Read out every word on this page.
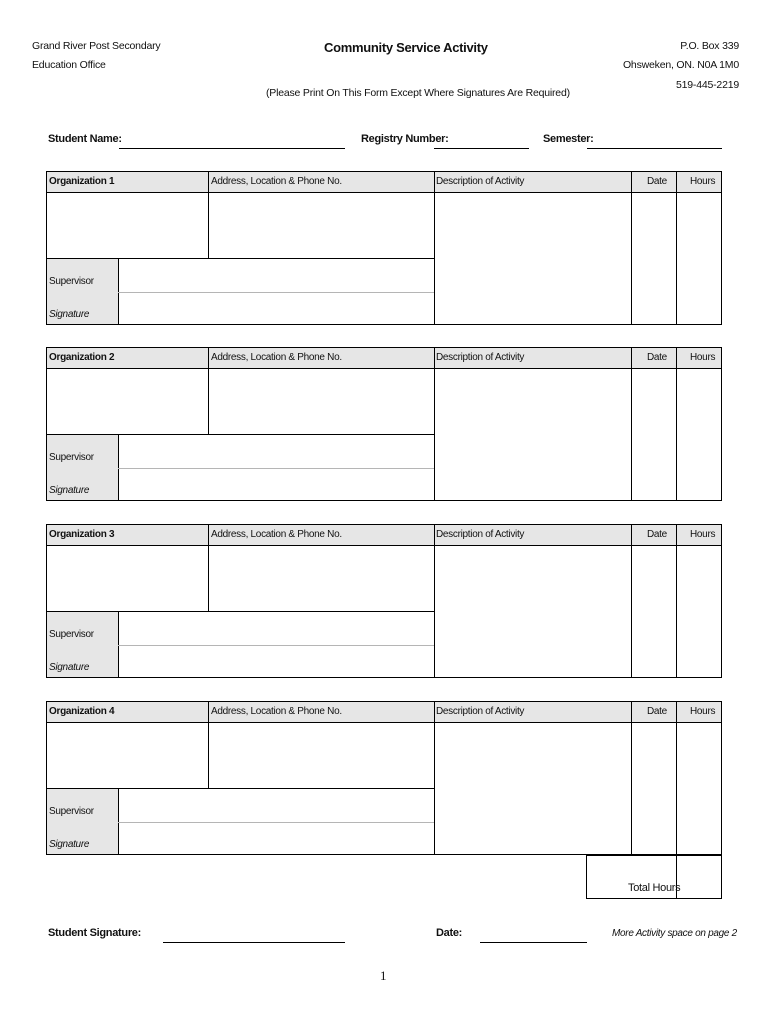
Grand River Post Secondary
Education Office
Community Service Activity
(Please Print On This Form Except Where Signatures Are Required)
P.O. Box 339
Ohsweken, ON. N0A 1M0
519-445-2219
Student Name:	Registry Number:	Semester:
Organization 1	Address, Location & Phone No.	Description of Activity	Date Hours
Supervisor
Signature
Organization 2	Address, Location & Phone No.	Description of Activity	Date Hours
Supervisor
Signature
Organization 3	Address, Location & Phone No.	Description of Activity	Date Hours
Supervisor
Signature
Organization 4	Address, Location & Phone No.	Description of Activity	Date Hours
Supervisor
Signature
Total Hours
Student Signature:	Date:	More Activity space on page 2
1
